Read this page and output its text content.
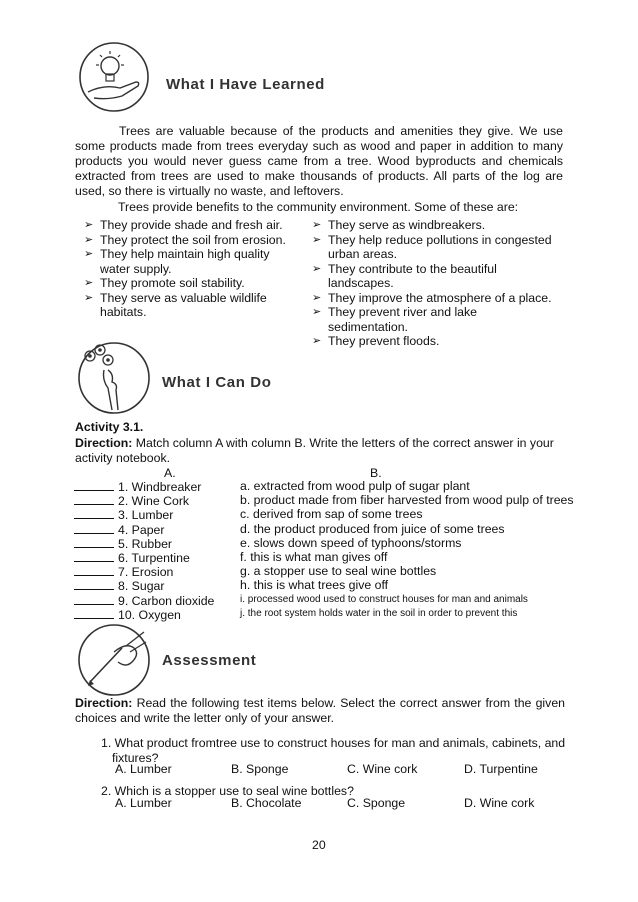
What I Have Learned
Trees are valuable because of the products and amenities they give. We use some products made from trees everyday such as wood and paper in addition to many products you would never guess came from a tree. Wood byproducts and chemicals extracted from trees are used to make thousands of products. All parts of the log are used, so there is virtually no waste, and leftovers.
Trees provide benefits to the community environment. Some of these are:
➢ They provide shade and fresh air.
➢ They protect the soil from erosion.
➢ They help maintain high quality water supply.
➢ They promote soil stability.
➢ They serve as valuable wildlife habitats.
➢ They serve as windbreakers.
➢ They help reduce pollutions in congested urban areas.
➢ They contribute to the beautiful landscapes.
➢ They improve the atmosphere of a place.
➢ They prevent river and lake sedimentation.
➢ They prevent floods.
What I Can Do
Activity 3.1.
Direction: Match column A with column B. Write the letters of the correct answer in your activity notebook.
A.	B.
1. Windbreaker	a. extracted from wood pulp of sugar plant
2. Wine Cork	b. product made from fiber harvested from wood pulp of trees
3. Lumber	c. derived from sap of some trees
4. Paper	d. the product produced from juice of some trees
5. Rubber	e. slows down speed of typhoons/storms
6. Turpentine	f. this is what man gives off
7. Erosion	g. a stopper use to seal wine bottles
8. Sugar	h. this is what trees give off
9. Carbon dioxide	i. processed wood used to construct houses for man and animals
10. Oxygen	j. the root system holds water in the soil in order to prevent this
Assessment
Direction: Read the following test items below. Select the correct answer from the given choices and write the letter only of your answer.
1. What product fromtree use to construct houses for man and animals, cabinets, and fixtures?
A. Lumber	B. Sponge	C. Wine cork	D. Turpentine
2. Which is a stopper use to seal wine bottles?
A. Lumber	B. Chocolate	C. Sponge	D. Wine cork
20
